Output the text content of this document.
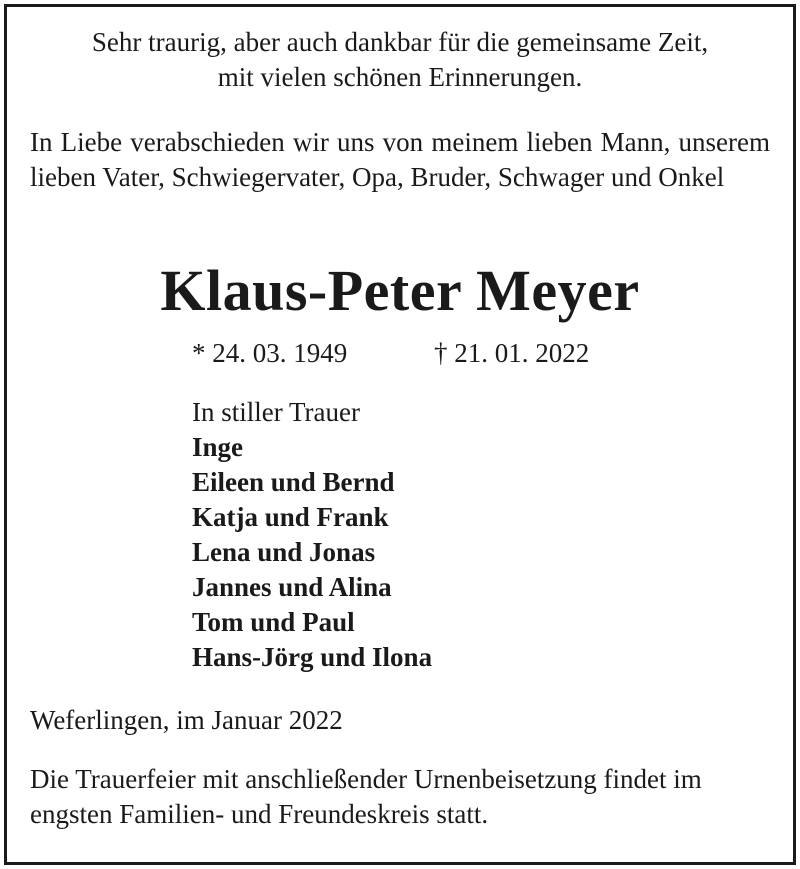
Sehr traurig, aber auch dankbar für die gemeinsame Zeit,
mit vielen schönen Erinnerungen.
In Liebe verabschieden wir uns von meinem lieben Mann, unserem lieben Vater, Schwiegervater, Opa, Bruder, Schwager und Onkel
Klaus-Peter Meyer
* 24. 03. 1949	† 21. 01. 2022
In stiller Trauer
Inge
Eileen und Bernd
Katja und Frank
Lena und Jonas
Jannes und Alina
Tom und Paul
Hans-Jörg und Ilona
Weferlingen, im Januar 2022
Die Trauerfeier mit anschließender Urnenbeisetzung findet im engsten Familien- und Freundeskreis statt.
